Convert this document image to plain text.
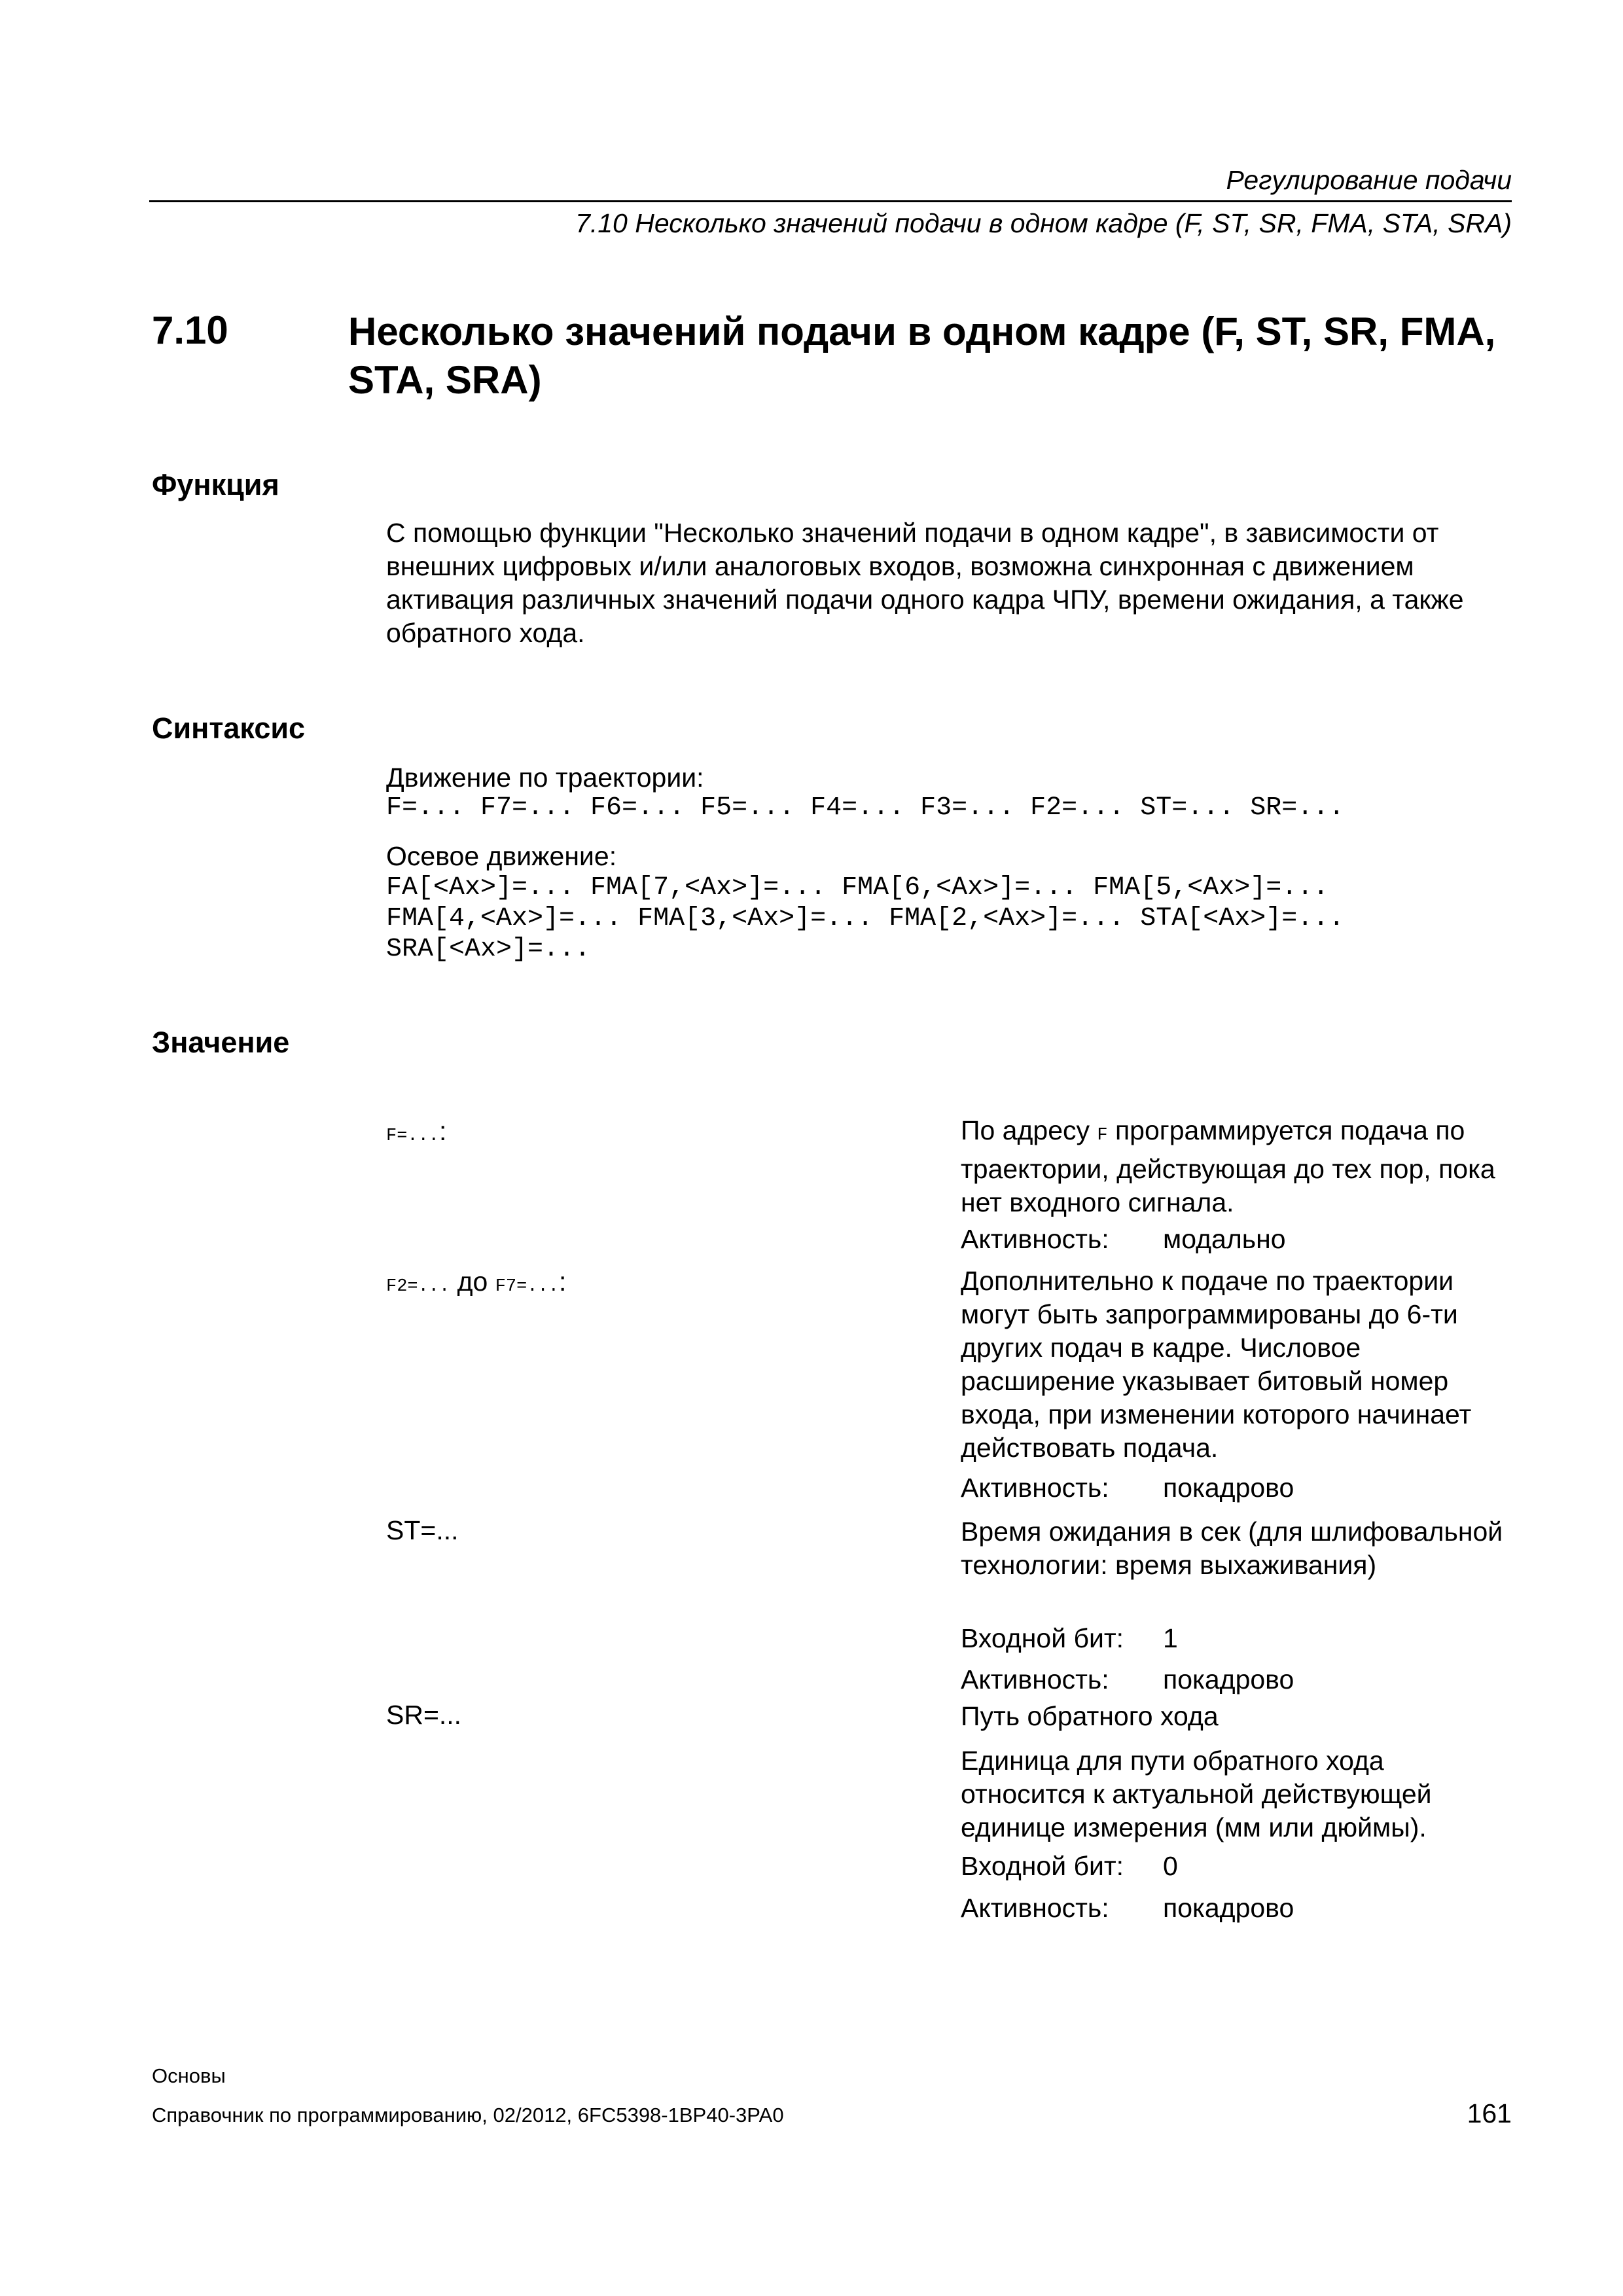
Регулирование подачи
7.10 Несколько значений подачи в одном кадре (F, ST, SR, FMA, STA, SRA)
7.10	Несколько значений подачи в одном кадре (F, ST, SR, FMA, STA, SRA)
Функция
С помощью функции "Несколько значений подачи в одном кадре", в зависимости от внешних цифровых и/или аналоговых входов, возможна синхронная с движением активация различных значений подачи одного кадра ЧПУ, времени ожидания, а также обратного хода.
Синтаксис
Движение по траектории:
F=... F7=... F6=... F5=... F4=... F3=... F2=... ST=... SR=...
Осевое движение:
FA[<Ax>]=... FMA[7,<Ax>]=... FMA[6,<Ax>]=... FMA[5,<Ax>]=...
FMA[4,<Ax>]=... FMA[3,<Ax>]=... FMA[2,<Ax>]=... STA[<Ax>]=...
SRA[<Ax>]=...
Значение
F=...:	По адресу F программируется подача по траектории, действующая до тех пор, пока нет входного сигнала.
Активность: модально
F2=... до F7=...:	Дополнительно к подаче по траектории могут быть запрограммированы до 6-ти других подач в кадре. Числовое расширение указывает битовый номер входа, при изменении которого начинает действовать подача.
Активность: покадрово
ST=...	Время ожидания в сек (для шлифовальной технологии: время выхаживания)
Входной бит: 1
Активность: покадрово
SR=...	Путь обратного хода
Единица для пути обратного хода относится к актуальной действующей единице измерения (мм или дюймы).
Входной бит: 0
Активность: покадрово
Основы
Справочник по программированию, 02/2012, 6FC5398-1BP40-3PA0	161
